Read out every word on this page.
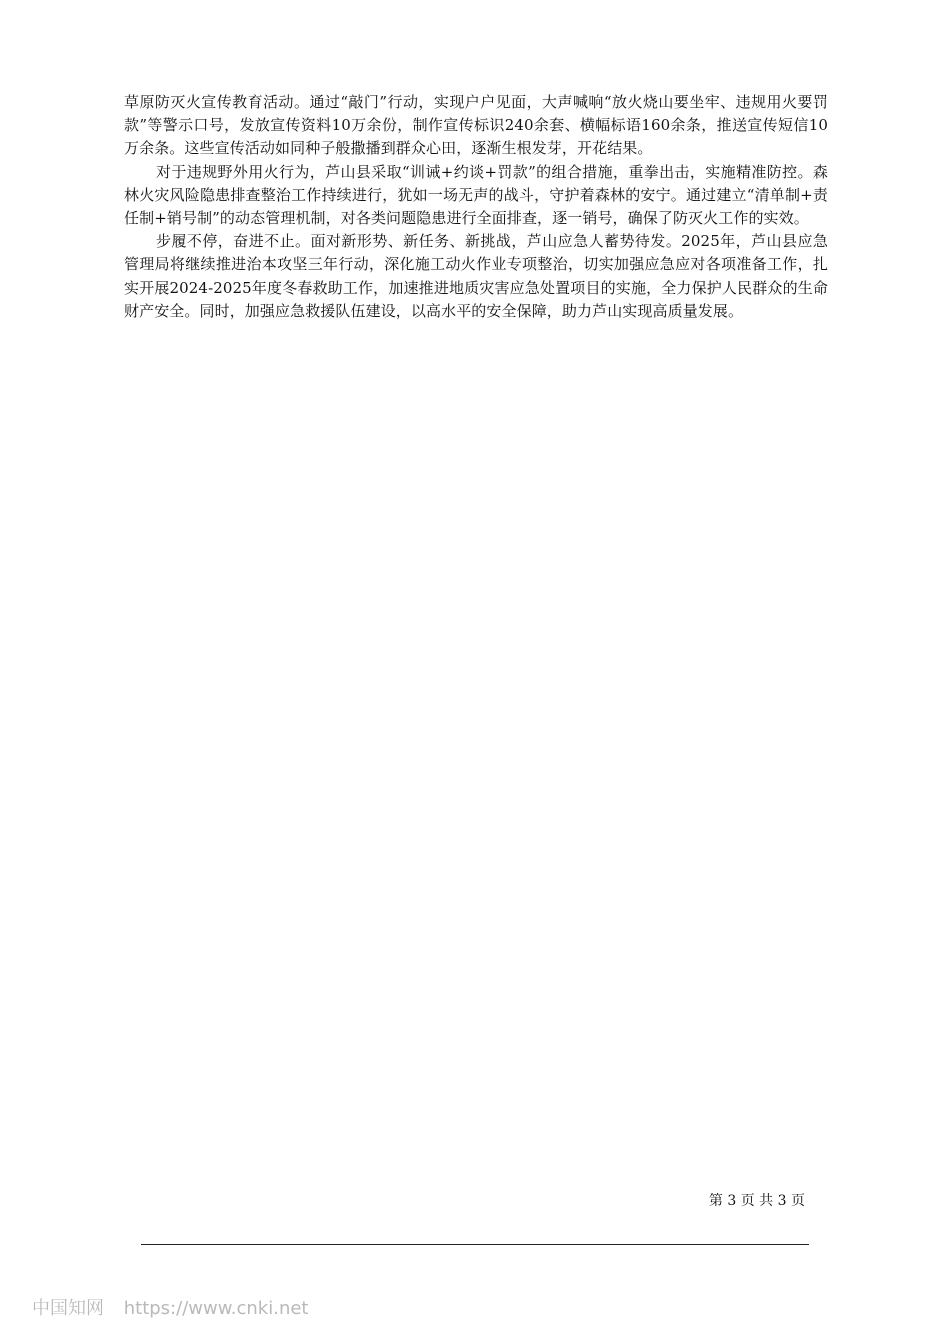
草原防灭火宣传教育活动。通过“敲门”行动，实现户户见面，大声喊响“放火烧山要坐牢、违规用火要罚款”等警示口号，发放宣传资料10万余份，制作宣传标识240余套、横幅标语160余条，推送宣传短信10万余条。这些宣传活动如同种子般撒播到群众心田，逐渐生根发芽，开花结果。

对于违规野外用火行为，芦山县采取“训诫+约谈+罚款”的组合措施，重拳出击，实施精准防控。森林火灾风险隐患排查整治工作持续进行，犹如一场无声的战斗，守护着森林的安宁。通过建立“清单制+责任制+销号制”的动态管理机制，对各类问题隐患进行全面排查，逐一销号，确保了防灭火工作的实效。

步履不停，奋进不止。面对新形势、新任务、新挑战，芦山应急人蓄势待发。2025年，芦山县应急管理局将继续推进治本攻坚三年行动，深化施工动火作业专项整治，切实加强应急应对各项准备工作，扎实开展2024-2025年度冬春救助工作，加速推进地质灾害应急处置项目的实施，全力保护人民群众的生命财产安全。同时，加强应急救援队伍建设，以高水平的安全保障，助力芦山实现高质量发展。

第 3 页 共 3 页
中国知网 https://www.cnki.net
